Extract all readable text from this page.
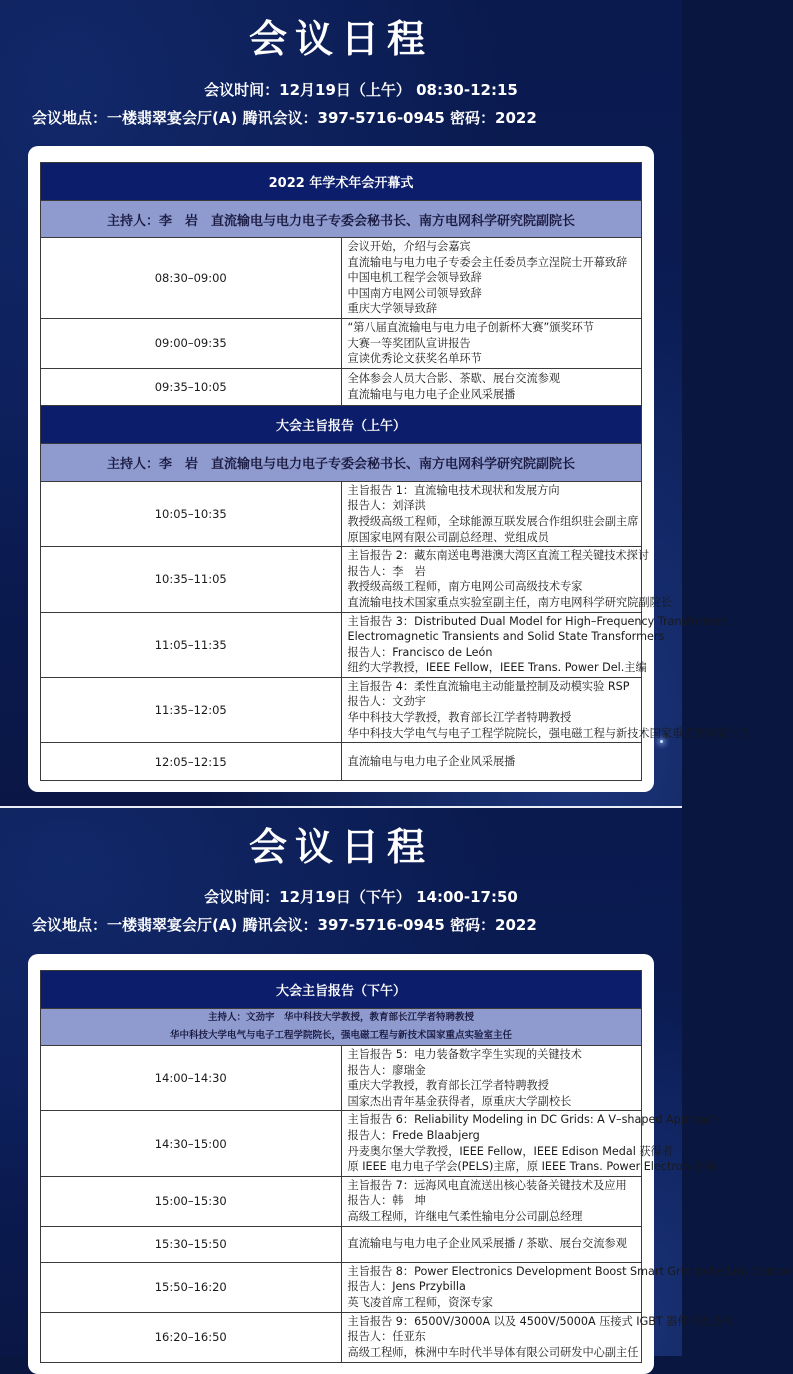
会议日程
会议时间：12月19日（上午） 08:30-12:15
会议地点：一楼翡翠宴会厅(A) 腾讯会议：397-5716-0945 密码：2022
2022 年学术年会开幕式	
主持人：李　岩　直流输电与电力电子专委会秘书长、南方电网科学研究院副院长	
08:30–09:00	会议开始，介绍与会嘉宾
直流输电与电力电子专委会主任委员李立浧院士开幕致辞
中国电机工程学会领导致辞
中国南方电网公司领导致辞
重庆大学领导致辞

09:00–09:35	“第八届直流输电与电力电子创新杯大赛”颁奖环节
大赛一等奖团队宣讲报告
宣读优秀论文获奖名单环节

09:35–10:05	全体参会人员大合影、茶歇、展台交流参观
直流输电与电力电子企业风采展播

大会主旨报告（上午）	
主持人：李　岩　直流输电与电力电子专委会秘书长、南方电网科学研究院副院长	
10:05–10:35	主旨报告 1：直流输电技术现状和发展方向
报告人：刘泽洪
教授级高级工程师，全球能源互联发展合作组织驻会副主席
原国家电网有限公司副总经理、党组成员

10:35–11:05	主旨报告 2：藏东南送电粤港澳大湾区直流工程关键技术探讨
报告人：李　岩
教授级高级工程师，南方电网公司高级技术专家
直流输电技术国家重点实验室副主任，南方电网科学研究院副院长

11:05–11:35	主旨报告 3：Distributed Dual Model for High–Frequency Transformer:
Electromagnetic Transients and Solid State Transformers
报告人：Francisco de León
纽约大学教授，IEEE Fellow，IEEE Trans. Power Del.主编

11:35–12:05	主旨报告 4：柔性直流输电主动能量控制及动模实验 RSP
报告人：文劲宇
华中科技大学教授，教育部长江学者特聘教授
华中科技大学电气与电子工程学院院长，强电磁工程与新技术国家重点实验室主任

12:05–12:15	直流输电与电力电子企业风采展播
会议日程
会议时间：12月19日（下午） 14:00-17:50
会议地点：一楼翡翠宴会厅(A) 腾讯会议：397-5716-0945 密码：2022
大会主旨报告（下午）	

主持人：文劲宇　华中科技大学教授，教育部长江学者特聘教授
华中科技大学电气与电子工程学院院长，强电磁工程与新技术国家重点实验室主任	

14:00–14:30	主旨报告 5：电力装备数字孪生实现的关键技术
报告人：廖瑞金
重庆大学教授，教育部长江学者特聘教授
国家杰出青年基金获得者，原重庆大学副校长

14:30–15:00	主旨报告 6：Reliability Modeling in DC Grids: A V–shaped Approach
报告人：Frede Blaabjerg
丹麦奥尔堡大学教授，IEEE Fellow，IEEE Edison Medal 获得者
原 IEEE 电力电子学会(PELS)主席，原 IEEE Trans. Power Electron.主编

15:00–15:30	主旨报告 7：远海风电直流送出核心装备关键技术及应用
报告人：韩　坤
高级工程师，许继电气柔性输电分公司副总经理

15:30–15:50	直流输电与电力电子企业风采展播 / 茶歇、展台交流参观

15:50–16:20	主旨报告 8：Power Electronics Development Boost Smart Grid to be Low Carbon
报告人：Jens Przybilla
英飞凌首席工程师，资深专家

16:20–16:50	主旨报告 9：6500V/3000A 以及 4500V/5000A 压接式 IGBT 器件关键技术
报告人：任亚东
高级工程师，株洲中车时代半导体有限公司研发中心副主任
